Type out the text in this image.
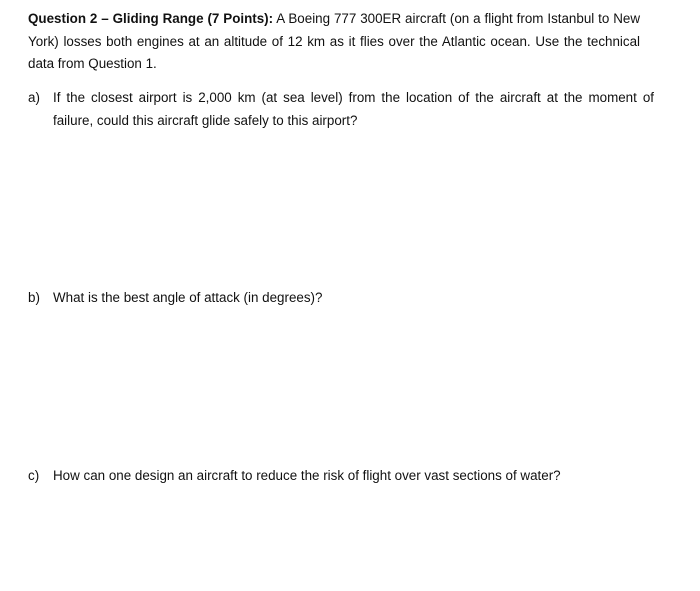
Question 2 – Gliding Range (7 Points): A Boeing 777 300ER aircraft (on a flight from Istanbul to New York) losses both engines at an altitude of 12 km as it flies over the Atlantic ocean. Use the technical data from Question 1.

a) If the closest airport is 2,000 km (at sea level) from the location of the aircraft at the moment of failure, could this aircraft glide safely to this airport?
b) What is the best angle of attack (in degrees)?
c)	How can one design an aircraft to reduce the risk of flight over vast sections of water?
